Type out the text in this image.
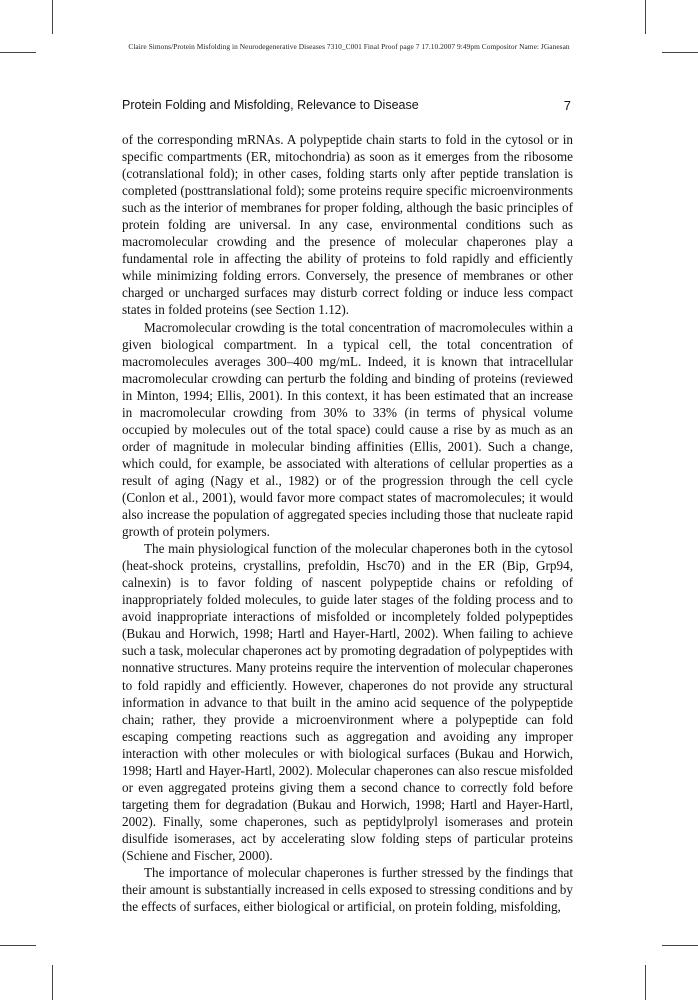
Claire Simons/Protein Misfolding in Neurodegenerative Diseases 7310_C001 Final Proof page 7 17.10.2007 9:49pm Compositor Name: JGanesan
Protein Folding and Misfolding, Relevance to Disease	7

of the corresponding mRNAs. A polypeptide chain starts to fold in the cytosol or in specific compartments (ER, mitochondria) as soon as it emerges from the ribosome (cotranslational fold); in other cases, folding starts only after peptide translation is completed (posttranslational fold); some proteins require specific microenvironments such as the interior of membranes for proper folding, although the basic principles of protein folding are universal. In any case, environmental conditions such as macromolecular crowding and the presence of molecular chaperones play a fundamental role in affecting the ability of proteins to fold rapidly and efficiently while minimizing folding errors. Conversely, the presence of membranes or other charged or uncharged surfaces may disturb correct folding or induce less compact states in folded proteins (see Section 1.12).

Macromolecular crowding is the total concentration of macromolecules within a given biological compartment. In a typical cell, the total concentration of macromolecules averages 300–400 mg/mL. Indeed, it is known that intracellular macromolecular crowding can perturb the folding and binding of proteins (reviewed in Minton, 1994; Ellis, 2001). In this context, it has been estimated that an increase in macromolecular crowding from 30% to 33% (in terms of physical volume occupied by molecules out of the total space) could cause a rise by as much as an order of magnitude in molecular binding affinities (Ellis, 2001). Such a change, which could, for example, be associated with alterations of cellular properties as a result of aging (Nagy et al., 1982) or of the progression through the cell cycle (Conlon et al., 2001), would favor more compact states of macromolecules; it would also increase the population of aggregated species including those that nucleate rapid growth of protein polymers.

The main physiological function of the molecular chaperones both in the cytosol (heat-shock proteins, crystallins, prefoldin, Hsc70) and in the ER (Bip, Grp94, calnexin) is to favor folding of nascent polypeptide chains or refolding of inappropriately folded molecules, to guide later stages of the folding process and to avoid inappropriate interactions of misfolded or incompletely folded polypeptides (Bukau and Horwich, 1998; Hartl and Hayer-Hartl, 2002). When failing to achieve such a task, molecular chaperones act by promoting degradation of polypeptides with nonnative structures. Many proteins require the intervention of molecular chaperones to fold rapidly and efficiently. However, chaperones do not provide any structural information in advance to that built in the amino acid sequence of the polypeptide chain; rather, they provide a microenvironment where a polypeptide can fold escaping competing reactions such as aggregation and avoiding any improper interaction with other molecules or with biological surfaces (Bukau and Horwich, 1998; Hartl and Hayer-Hartl, 2002). Molecular chaperones can also rescue misfolded or even aggregated proteins giving them a second chance to correctly fold before targeting them for degradation (Bukau and Horwich, 1998; Hartl and Hayer-Hartl, 2002). Finally, some chaperones, such as peptidylprolyl isomerases and protein disulfide isomerases, act by accelerating slow folding steps of particular proteins (Schiene and Fischer, 2000).

The importance of molecular chaperones is further stressed by the findings that their amount is substantially increased in cells exposed to stressing conditions and by the effects of surfaces, either biological or artificial, on protein folding, misfolding,
